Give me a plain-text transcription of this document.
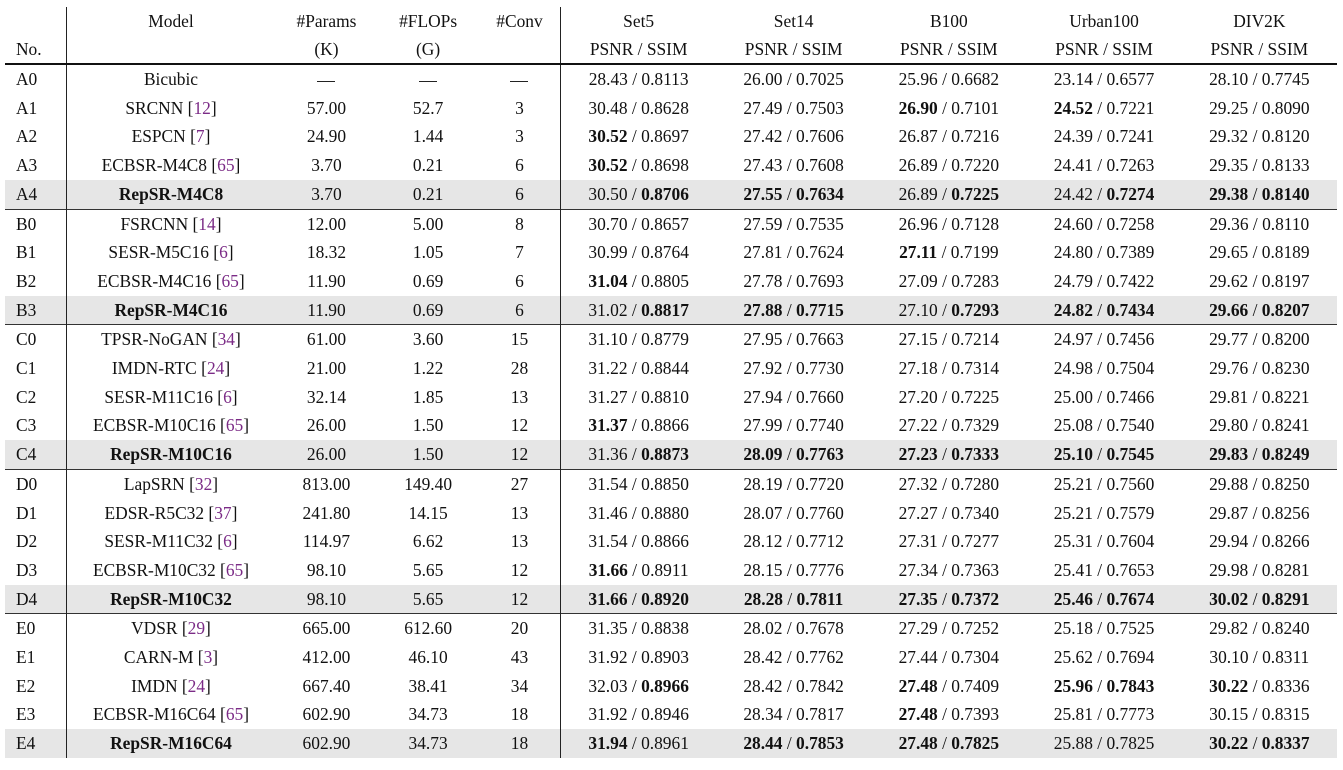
	Model	#Params	#FLOPs	#Conv	Set5	Set14	B100	Urban100	DIV2K
No.		(K)	(G)		PSNR / SSIM	PSNR / SSIM	PSNR / SSIM	PSNR / SSIM	PSNR / SSIM
A0	Bicubic				28.43 / 0.8113	26.00 / 0.7025	25.96 / 0.6682	23.14 / 0.6577	28.10 / 0.7745
A1	SRCNN [12]	57.00	52.7	3	30.48 / 0.8628	27.49 / 0.7503	26.90 / 0.7101	24.52 / 0.7221	29.25 / 0.8090
A2	ESPCN [7]	24.90	1.44	3	30.52 / 0.8697	27.42 / 0.7606	26.87 / 0.7216	24.39 / 0.7241	29.32 / 0.8120
A3	ECBSR-M4C8 [65]	3.70	0.21	6	30.52 / 0.8698	27.43 / 0.7608	26.89 / 0.7220	24.41 / 0.7263	29.35 / 0.8133
A4	RepSR-M4C8	3.70	0.21	6	30.50 / 0.8706	27.55 / 0.7634	26.89 / 0.7225	24.42 / 0.7274	29.38 / 0.8140
B0	FSRCNN [14]	12.00	5.00	8	30.70 / 0.8657	27.59 / 0.7535	26.96 / 0.7128	24.60 / 0.7258	29.36 / 0.8110
B1	SESR-M5C16 [6]	18.32	1.05	7	30.99 / 0.8764	27.81 / 0.7624	27.11 / 0.7199	24.80 / 0.7389	29.65 / 0.8189
B2	ECBSR-M4C16 [65]	11.90	0.69	6	31.04 / 0.8805	27.78 / 0.7693	27.09 / 0.7283	24.79 / 0.7422	29.62 / 0.8197
B3	RepSR-M4C16	11.90	0.69	6	31.02 / 0.8817	27.88 / 0.7715	27.10 / 0.7293	24.82 / 0.7434	29.66 / 0.8207
C0	TPSR-NoGAN [34]	61.00	3.60	15	31.10 / 0.8779	27.95 / 0.7663	27.15 / 0.7214	24.97 / 0.7456	29.77 / 0.8200
C1	IMDN-RTC [24]	21.00	1.22	28	31.22 / 0.8844	27.92 / 0.7730	27.18 / 0.7314	24.98 / 0.7504	29.76 / 0.8230
C2	SESR-M11C16 [6]	32.14	1.85	13	31.27 / 0.8810	27.94 / 0.7660	27.20 / 0.7225	25.00 / 0.7466	29.81 / 0.8221
C3	ECBSR-M10C16 [65]	26.00	1.50	12	31.37 / 0.8866	27.99 / 0.7740	27.22 / 0.7329	25.08 / 0.7540	29.80 / 0.8241
C4	RepSR-M10C16	26.00	1.50	12	31.36 / 0.8873	28.09 / 0.7763	27.23 / 0.7333	25.10 / 0.7545	29.83 / 0.8249
D0	LapSRN [32]	813.00	149.40	27	31.54 / 0.8850	28.19 / 0.7720	27.32 / 0.7280	25.21 / 0.7560	29.88 / 0.8250
D1	EDSR-R5C32 [37]	241.80	14.15	13	31.46 / 0.8880	28.07 / 0.7760	27.27 / 0.7340	25.21 / 0.7579	29.87 / 0.8256
D2	SESR-M11C32 [6]	114.97	6.62	13	31.54 / 0.8866	28.12 / 0.7712	27.31 / 0.7277	25.31 / 0.7604	29.94 / 0.8266
D3	ECBSR-M10C32 [65]	98.10	5.65	12	31.66 / 0.8911	28.15 / 0.7776	27.34 / 0.7363	25.41 / 0.7653	29.98 / 0.8281
D4	RepSR-M10C32	98.10	5.65	12	31.66 / 0.8920	28.28 / 0.7811	27.35 / 0.7372	25.46 / 0.7674	30.02 / 0.8291
E0	VDSR [29]	665.00	612.60	20	31.35 / 0.8838	28.02 / 0.7678	27.29 / 0.7252	25.18 / 0.7525	29.82 / 0.8240
E1	CARN-M [3]	412.00	46.10	43	31.92 / 0.8903	28.42 / 0.7762	27.44 / 0.7304	25.62 / 0.7694	30.10 / 0.8311
E2	IMDN [24]	667.40	38.41	34	32.03 / 0.8966	28.42 / 0.7842	27.48 / 0.7409	25.96 / 0.7843	30.22 / 0.8336
E3	ECBSR-M16C64 [65]	602.90	34.73	18	31.92 / 0.8946	28.34 / 0.7817	27.48 / 0.7393	25.81 / 0.7773	30.15 / 0.8315
E4	RepSR-M16C64	602.90	34.73	18	31.94 / 0.8961	28.44 / 0.7853	27.48 / 0.7825	25.88 / 0.7825	30.22 / 0.8337
